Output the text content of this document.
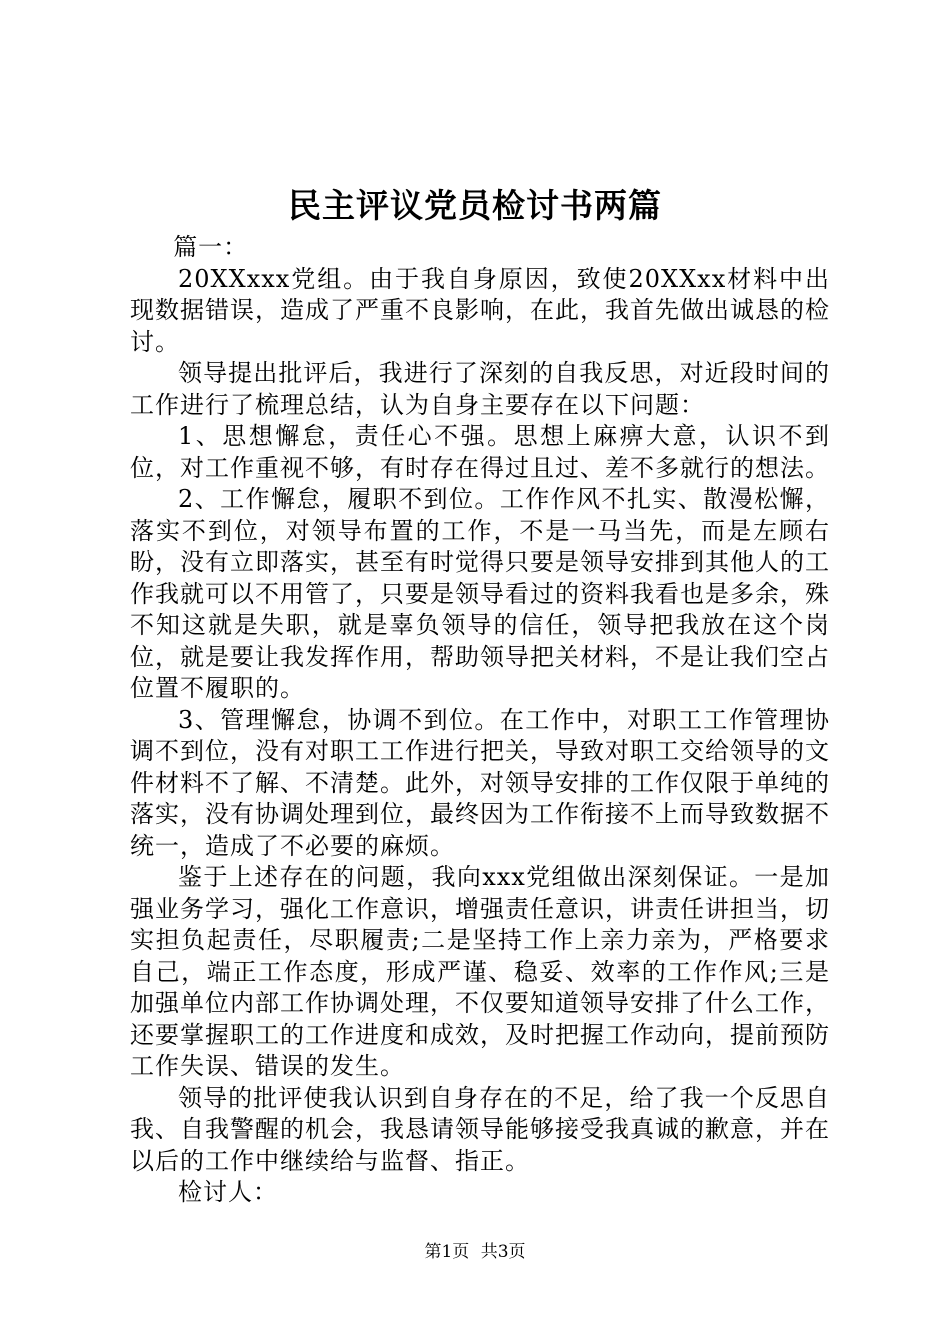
民主评议党员检讨书两篇

篇一：

20XXxxx党组。由于我自身原因，致使20XXxx材料中出现数据错误，造成了严重不良影响，在此，我首先做出诚恳的检讨。

领导提出批评后，我进行了深刻的自我反思，对近段时间的工作进行了梳理总结，认为自身主要存在以下问题：

1、思想懈怠，责任心不强。思想上麻痹大意，认识不到位，对工作重视不够，有时存在得过且过、差不多就行的想法。

2、工作懈怠，履职不到位。工作作风不扎实、散漫松懈，落实不到位，对领导布置的工作，不是一马当先，而是左顾右盼，没有立即落实，甚至有时觉得只要是领导安排到其他人的工作我就可以不用管了，只要是领导看过的资料我看也是多余，殊不知这就是失职，就是辜负领导的信任，领导把我放在这个岗位，就是要让我发挥作用，帮助领导把关材料，不是让我们空占位置不履职的。

3、管理懈怠，协调不到位。在工作中，对职工工作管理协调不到位，没有对职工工作进行把关，导致对职工交给领导的文件材料不了解、不清楚。此外，对领导安排的工作仅限于单纯的落实，没有协调处理到位，最终因为工作衔接不上而导致数据不统一，造成了不必要的麻烦。

鉴于上述存在的问题，我向xxx党组做出深刻保证。一是加强业务学习，强化工作意识，增强责任意识，讲责任讲担当，切实担负起责任，尽职履责;二是坚持工作上亲力亲为，严格要求自己，端正工作态度，形成严谨、稳妥、效率的工作作风;三是加强单位内部工作协调处理，不仅要知道领导安排了什么工作，还要掌握职工的工作进度和成效，及时把握工作动向，提前预防工作失误、错误的发生。

领导的批评使我认识到自身存在的不足，给了我一个反思自我、自我警醒的机会，我恳请领导能够接受我真诚的歉意，并在以后的工作中继续给与监督、指正。

检讨人：

第1页 共3页
